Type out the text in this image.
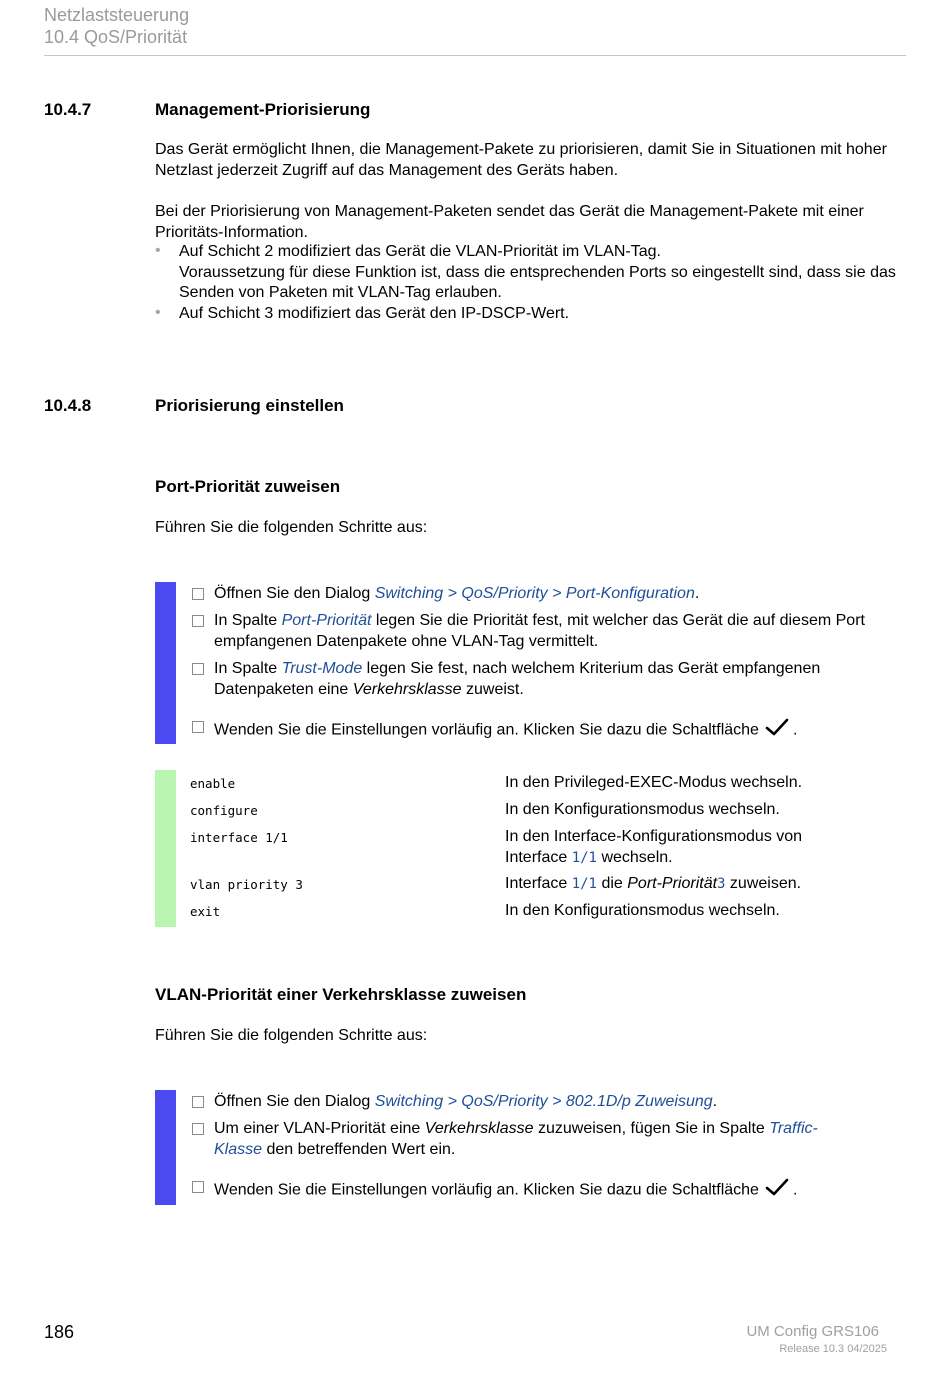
Netzlaststeuerung
10.4 QoS/Priorität
10.4.7	Management-Priorisierung
Das Gerät ermöglicht Ihnen, die Management-Pakete zu priorisieren, damit Sie in Situationen mit hoher Netzlast jederzeit Zugriff auf das Management des Geräts haben.
Bei der Priorisierung von Management-Paketen sendet das Gerät die Management-Pakete mit einer Prioritäts-Information.
• Auf Schicht 2 modifiziert das Gerät die VLAN-Priorität im VLAN-Tag.
Voraussetzung für diese Funktion ist, dass die entsprechenden Ports so eingestellt sind, dass sie das Senden von Paketen mit VLAN-Tag erlauben.
• Auf Schicht 3 modifiziert das Gerät den IP-DSCP-Wert.
10.4.8	Priorisierung einstellen
Port-Priorität zuweisen
Führen Sie die folgenden Schritte aus:
Öffnen Sie den Dialog Switching > QoS/Priority > Port-Konfiguration.
In Spalte Port-Priorität legen Sie die Priorität fest, mit welcher das Gerät die auf diesem Port
empfangenen Datenpakete ohne VLAN-Tag vermittelt.
In Spalte Trust-Mode legen Sie fest, nach welchem Kriterium das Gerät empfangenen
Datenpaketen eine Verkehrsklasse zuweist.
Wenden Sie die Einstellungen vorläufig an. Klicken Sie dazu die Schaltfläche .
enable	In den Privileged-EXEC-Modus wechseln.
configure	In den Konfigurationsmodus wechseln.
interface 1/1	In den Interface-Konfigurationsmodus von
Interface 1/1 wechseln.
vlan priority 3	Interface 1/1 die Port-Priorität3 zuweisen.
exit	In den Konfigurationsmodus wechseln.
VLAN-Priorität einer Verkehrsklasse zuweisen
Führen Sie die folgenden Schritte aus:
Öffnen Sie den Dialog Switching > QoS/Priority > 802.1D/p Zuweisung.
Um einer VLAN-Priorität eine Verkehrsklasse zuzuweisen, fügen Sie in Spalte Traffic-
Klasse den betreffenden Wert ein.
Wenden Sie die Einstellungen vorläufig an. Klicken Sie dazu die Schaltfläche .
186	UM Config GRS106
Release 10.3 04/2025
